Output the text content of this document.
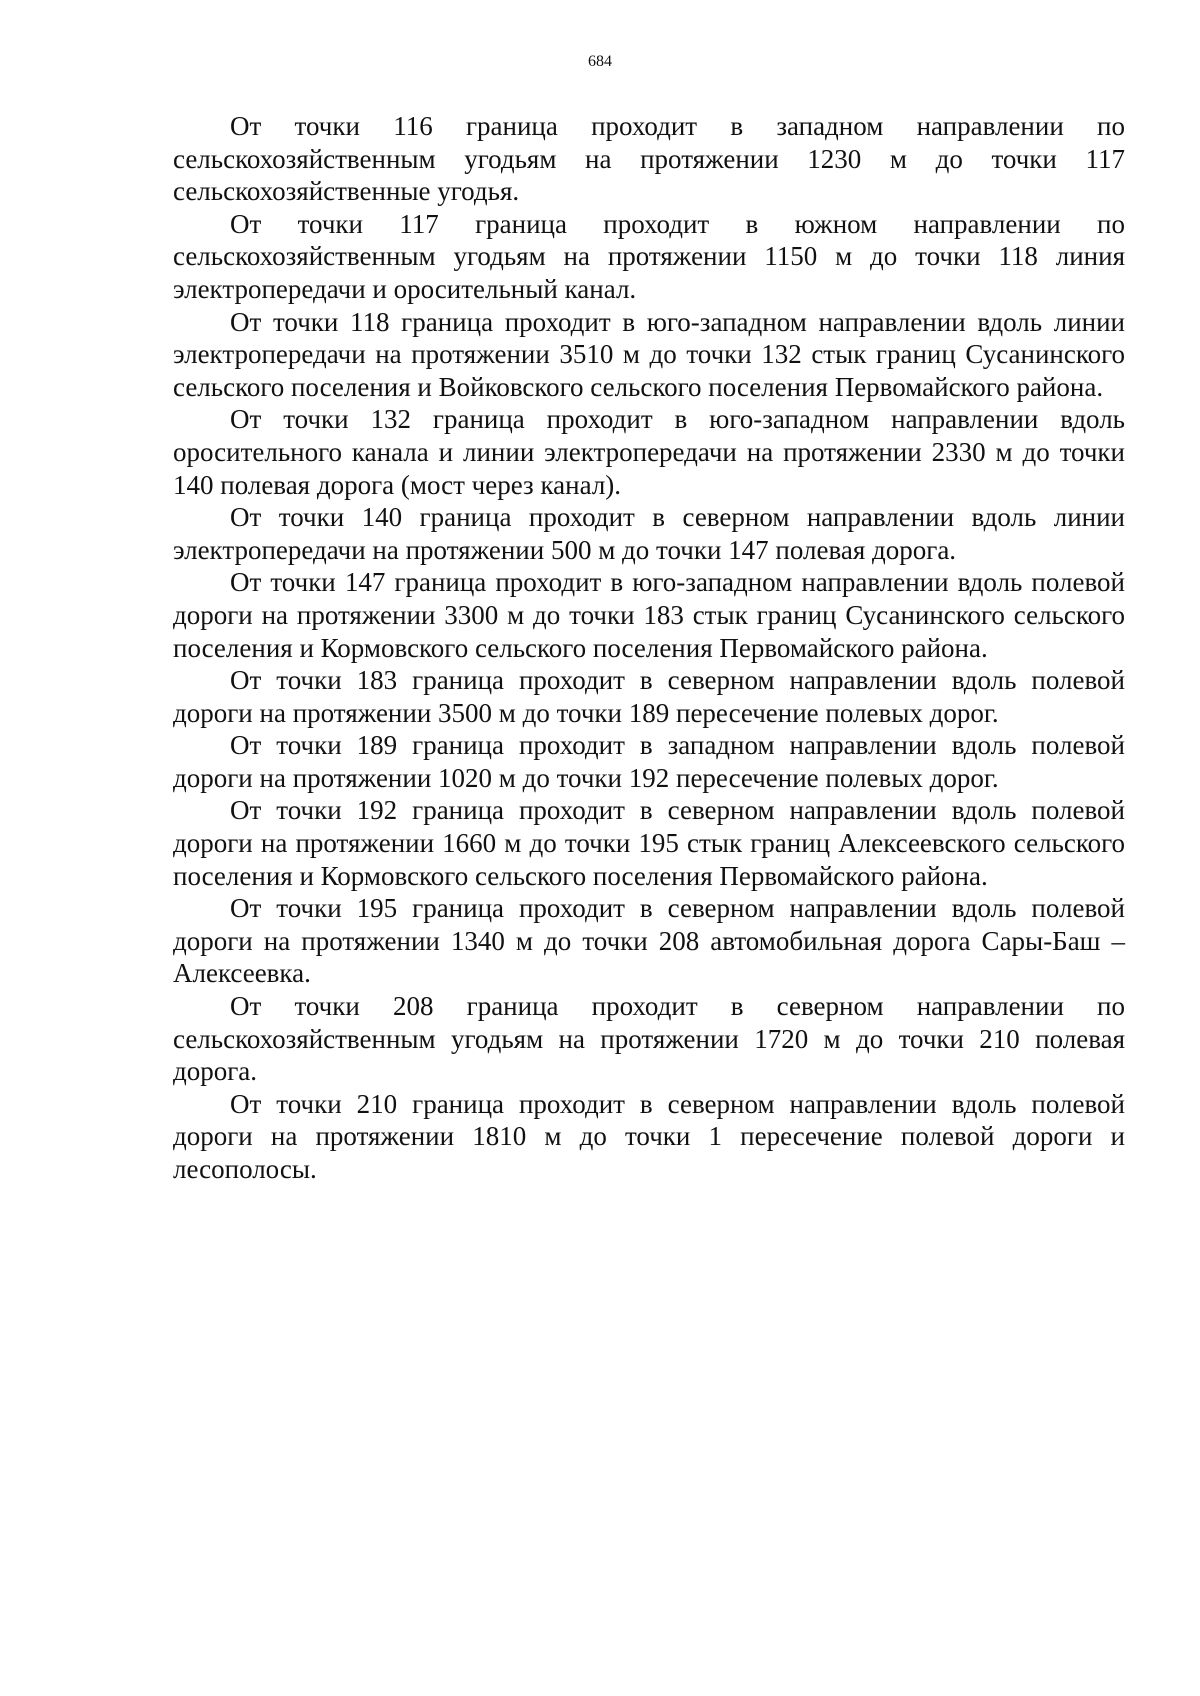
684

От точки 116 граница проходит в западном направлении по сельскохозяйственным угодьям на протяжении 1230 м до точки 117 сельскохозяйственные угодья.

От точки 117 граница проходит в южном направлении по сельскохозяйственным угодьям на протяжении 1150 м до точки 118 линия электропередачи и оросительный канал.

От точки 118 граница проходит в юго-западном направлении вдоль линии электропередачи на протяжении 3510 м до точки 132 стык границ Сусанинского сельского поселения и Войковского сельского поселения Первомайского района.

От точки 132 граница проходит в юго-западном направлении вдоль оросительного канала и линии электропередачи на протяжении 2330 м до точки 140 полевая дорога (мост через канал).

От точки 140 граница проходит в северном направлении вдоль линии электропередачи на протяжении 500 м до точки 147 полевая дорога.

От точки 147 граница проходит в юго-западном направлении вдоль полевой дороги на протяжении 3300 м до точки 183 стык границ Сусанинского сельского поселения и Кормовского сельского поселения Первомайского района.

От точки 183 граница проходит в северном направлении вдоль полевой дороги на протяжении 3500 м до точки 189 пересечение полевых дорог.

От точки 189 граница проходит в западном направлении вдоль полевой дороги на протяжении 1020 м до точки 192 пересечение полевых дорог.

От точки 192 граница проходит в северном направлении вдоль полевой дороги на протяжении 1660 м до точки 195 стык границ Алексеевского сельского поселения и Кормовского сельского поселения Первомайского района.

От точки 195 граница проходит в северном направлении вдоль полевой дороги на протяжении 1340 м до точки 208 автомобильная дорога Сары-Баш – Алексеевка.

От точки 208 граница проходит в северном направлении по сельскохозяйственным угодьям на протяжении 1720 м до точки 210 полевая дорога.

От точки 210 граница проходит в северном направлении вдоль полевой дороги на протяжении 1810 м до точки 1 пересечение полевой дороги и лесополосы.
